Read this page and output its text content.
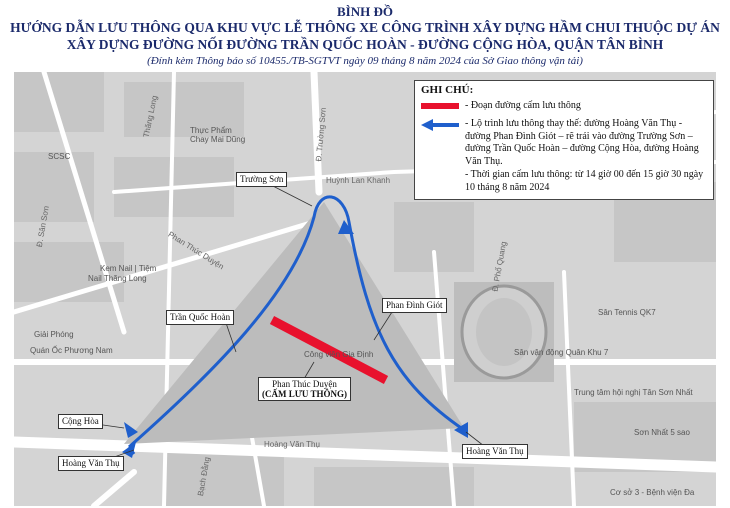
BÌNH ĐỒ
HƯỚNG DẪN LƯU THÔNG QUA KHU VỰC LỄ THÔNG XE CÔNG TRÌNH XÂY DỰNG HẦM CHUI THUỘC DỰ ÁN XÂY DỰNG ĐƯỜNG NỐI ĐƯỜNG TRẦN QUỐC HOÀN - ĐƯỜNG CỘNG HÒA, QUẬN TÂN BÌNH
(Đính kèm Thông báo số 10455./TB-SGTVT ngày 09 tháng 8 năm 2024 của Sở Giao thông vận tải)
SCSC
Thực Phẩm
Chay Mai Dũng
Kem Nail | Tiệm
Nail Thăng Long
Công viên Gia Định
Giải Phóng
Quán Ốc Phương Nam
Sân Tennis QK7
Sân vận động Quân Khu 7
Trung tâm hội nghị Tân Sơn Nhất
Sơn Nhất 5 sao
Cơ sở 3 - Bệnh viện Đa
Thăng Long	Đ. Trường Sơn
Huỳnh Lan Khanh
Phan Thúc Duyện
Hoàng Văn Thụ
Bạch Đằng
Đ. Phổ Quang
Đ. Sân Sơn
Trường Sơn
Trần Quốc Hoàn
Phan Đình Giót
Phan Thúc Duyện
(CẤM LƯU THÔNG)
Cộng Hòa
Hoàng Văn Thụ
Hoàng Văn Thụ
GHI CHÚ:
- Đoạn đường cấm lưu thông
- Lộ trình lưu thông thay thế: đường Hoàng Văn Thụ - đường Phan Đình Giót – rẽ trái vào đường Trường Sơn – đường Trần Quốc Hoàn – đường Cộng Hòa, đường Hoàng Văn Thụ.
- Thời gian cấm lưu thông: từ 14 giờ 00 đến 15 giờ 30 ngày 10 tháng 8 năm 2024
